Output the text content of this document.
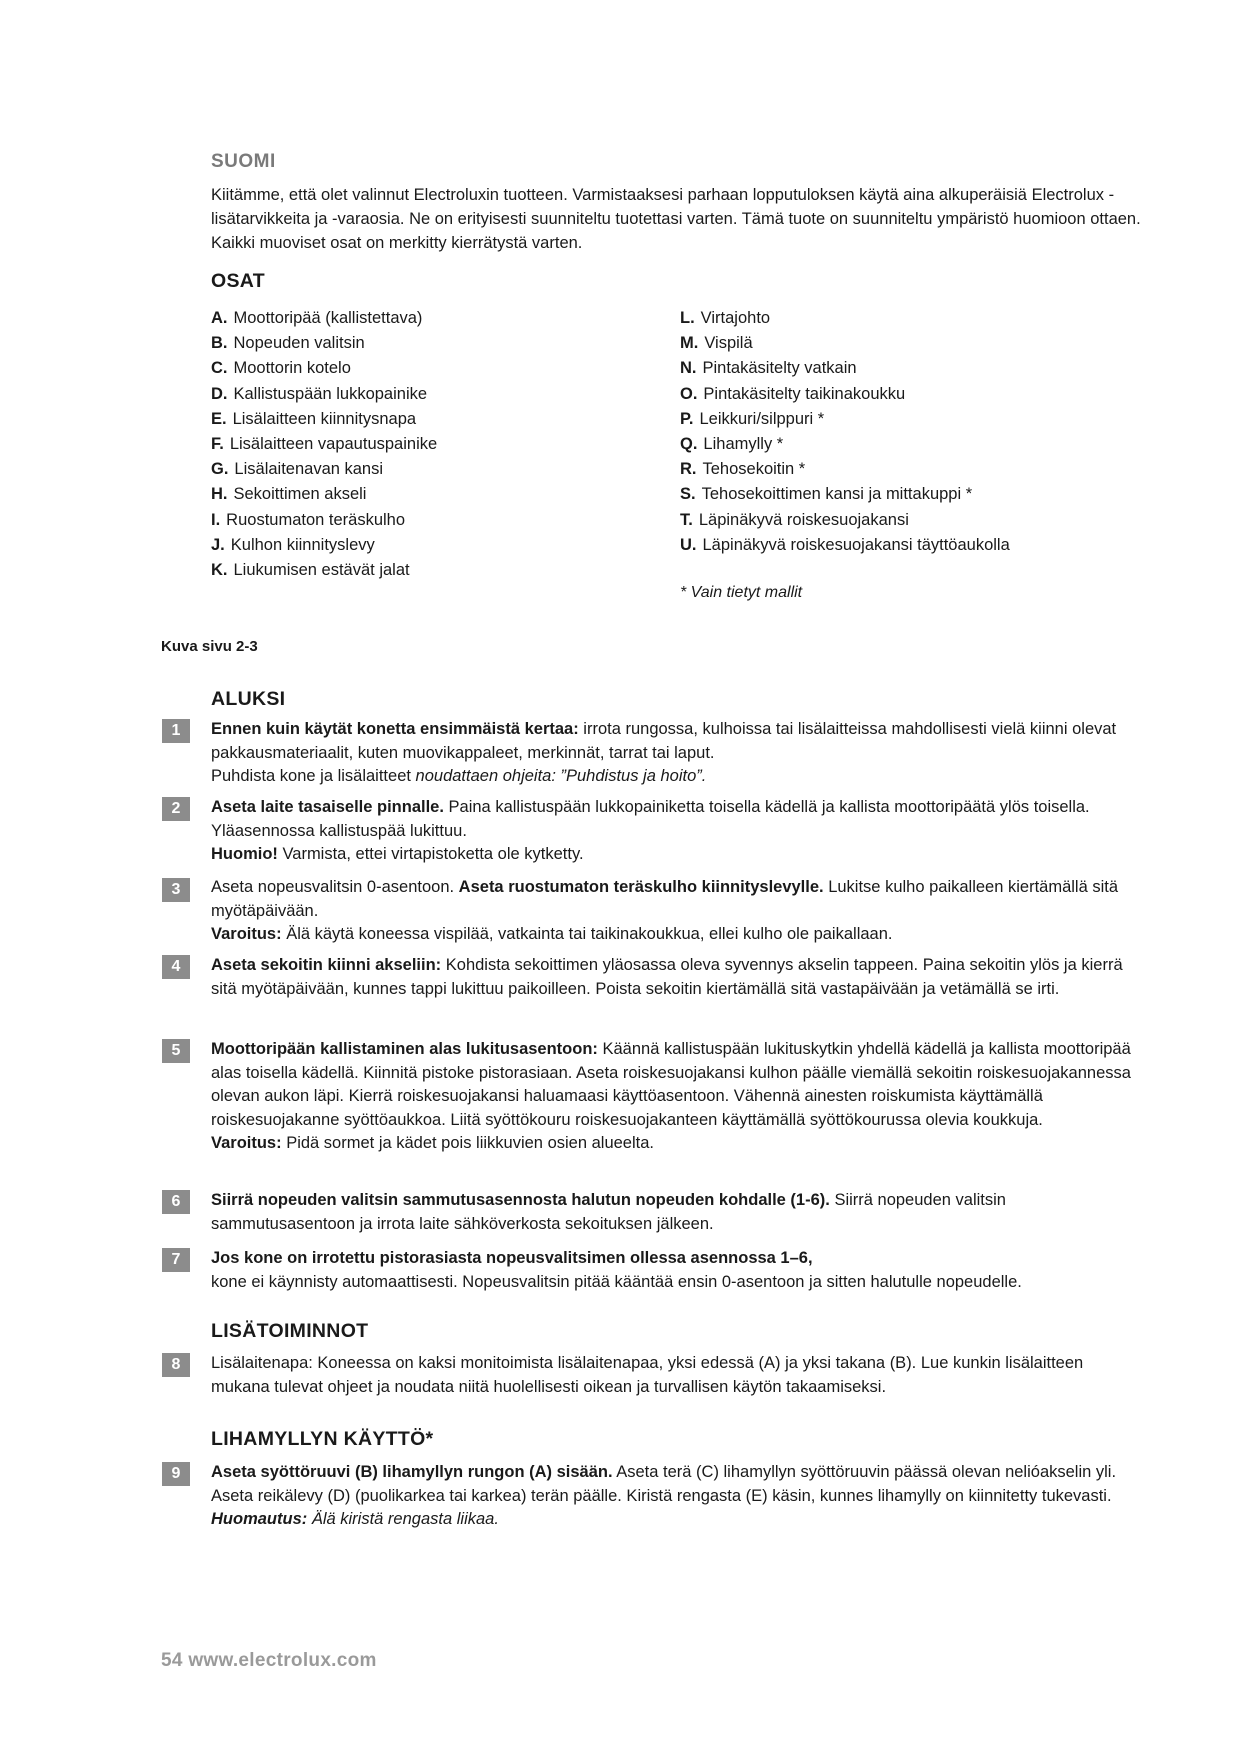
SUOMI
Kiitämme, että olet valinnut Electroluxin tuotteen. Varmistaaksesi parhaan lopputuloksen käytä aina alkuperäisiä Electrolux -lisätarvikkeita ja -varaosia. Ne on erityisesti suunniteltu tuotettasi varten. Tämä tuote on suunniteltu ympäristö huomioon ottaen. Kaikki muoviset osat on merkitty kierrätystä varten.
OSAT
A. Moottoripää (kallistettava)
B. Nopeuden valitsin
C. Moottorin kotelo
D. Kallistuspään lukkopainike
E. Lisälaitteen kiinnitysnapa
F. Lisälaitteen vapautuspainike
G. Lisälaitenavan kansi
H. Sekoittimen akseli
I. Ruostumaton teräskulho
J. Kulhon kiinnityslevy
K. Liukumisen estävät jalat
L. Virtajohto
M. Vispilä
N. Pintakäsitelty vatkain
O. Pintakäsitelty taikinakoukku
P. Leikkuri/silppuri *
Q. Lihamylly *
R. Tehosekoitin *
S. Tehosekoittimen kansi ja mittakuppi *
T. Läpinäkyvä roiskesuojakansi
U. Läpinäkyvä roiskesuojakansi täyttöaukolla
* Vain tietyt mallit
Kuva sivu 2-3
ALUKSI
1	Ennen kuin käytät konetta ensimmäistä kertaa: irrota rungossa, kulhoissa tai lisälaitteissa mahdollisesti vielä kiinni olevat pakkausmateriaalit, kuten muovikappaleet, merkinnät, tarrat tai laput.
Puhdista kone ja lisälaitteet noudattaen ohjeita: ”Puhdistus ja hoito”.
2	Aseta laite tasaiselle pinnalle. Paina kallistuspään lukkopainiketta toisella kädellä ja kallista moottoripäätä ylös toisella. Yläasennossa kallistuspää lukittuu.
Huomio! Varmista, ettei virtapistoketta ole kytketty.
3	Aseta nopeusvalitsin 0-asentoon. Aseta ruostumaton teräskulho kiinnityslevylle. Lukitse kulho paikalleen kiertämällä sitä myötäpäivään.
Varoitus: Älä käytä koneessa vispilää, vatkainta tai taikinakoukkua, ellei kulho ole paikallaan.
4	Aseta sekoitin kiinni akseliin: Kohdista sekoittimen yläosassa oleva syvennys akselin tappeen. Paina sekoitin ylös ja kierrä sitä myötäpäivään, kunnes tappi lukittuu paikoilleen. Poista sekoitin kiertämällä sitä vastapäivään ja vetämällä se irti.
5	Moottoripään kallistaminen alas lukitusasentoon: Käännä kallistuspään lukituskytkin yhdellä kädellä ja kallista moottoripää alas toisella kädellä. Kiinnitä pistoke pistorasiaan. Aseta roiskesuojakansi kulhon päälle viemällä sekoitin roiskesuojakannessa olevan aukon läpi. Kierrä roiskesuojakansi haluamaasi käyttöasentoon. Vähennä ainesten roiskumista käyttämällä roiskesuojakanne syöttöaukkoa. Liitä syöttökouru roiskesuojakanteen käyttämällä syöttökourussa olevia koukkuja.
Varoitus: Pidä sormet ja kädet pois liikkuvien osien alueelta.
6	Siirrä nopeuden valitsin sammutusasennosta halutun nopeuden kohdalle (1-6). Siirrä nopeuden valitsin sammutusasentoon ja irrota laite sähköverkosta sekoituksen jälkeen.
7	Jos kone on irrotettu pistorasiasta nopeusvalitsimen ollessa asennossa 1–6,
kone ei käynnisty automaattisesti. Nopeusvalitsin pitää kääntää ensin 0-asentoon ja sitten halutulle nopeudelle.
LISÄTOIMINNOT
8	Lisälaitenapa: Koneessa on kaksi monitoimista lisälaitenapaa, yksi edessä (A) ja yksi takana (B). Lue kunkin lisälaitteen mukana tulevat ohjeet ja noudata niitä huolellisesti oikean ja turvallisen käytön takaamiseksi.
LIHAMYLLYN KÄYTTÖ*
9	Aseta syöttöruuvi (B) lihamyllyn rungon (A) sisään. Aseta terä (C) lihamyllyn syöttöruuvin päässä olevan nelióakselin yli. Aseta reikälevy (D) (puolikarkea tai karkea) terän päälle. Kiristä rengasta (E) käsin, kunnes lihamylly on kiinnitetty tukevasti.
Huomautus: Älä kiristä rengasta liikaa.
54 www.electrolux.com
